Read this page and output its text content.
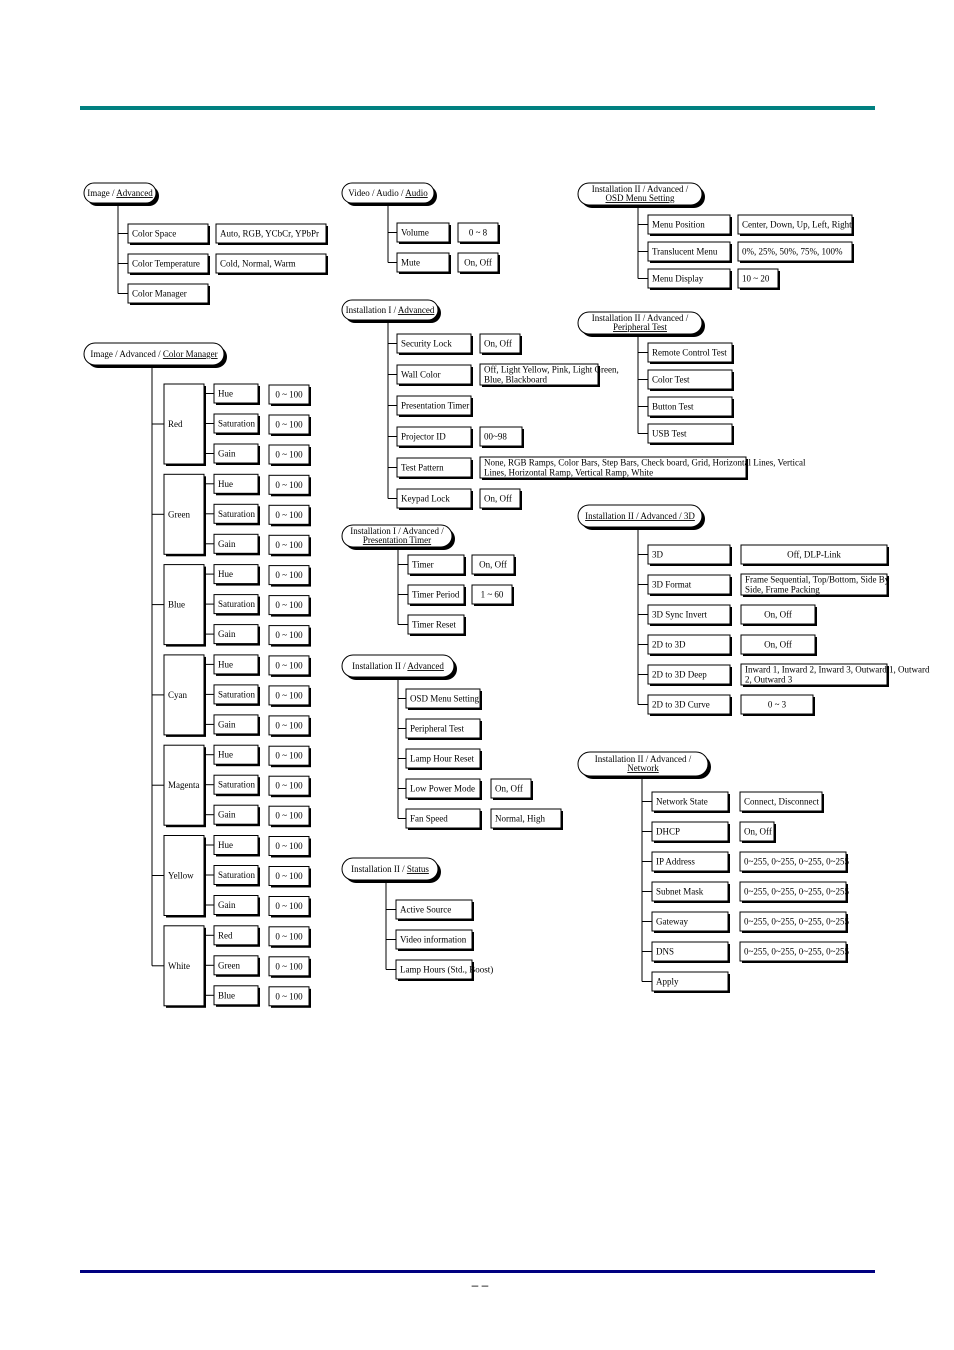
Image / Advanced
Color Space	Auto, RGB, YCbCr, YPbPr
Color Temperature Cold, Normal, Warm
Color Manager
Video / Audio / Audio
Volume	0 ~ 8
Mute	On, Off
Installation I / Advanced
Security Lock	On, Off
Wall Color	Off, Light Yellow, Pink, Light Green,
Blue, Blackboard
Presentation Timer
Projector ID	00~98
Test Pattern	None, RGB Ramps, Color Bars, Step Bars, Check board, Grid, Horizontal Lines, Vertical
Lines, Horizontal Ramp, Vertical Ramp, White
Keypad Lock	On, Off
Installation I / Advanced /
Presentation Timer
Timer	On, Off
Timer Period 1 ~ 60
Timer Reset
Installation II / Advanced
OSD Menu Setting
Peripheral Test
Lamp Hour Reset
Low Power Mode On, Off
Fan Speed	Normal, High
Installation II / Status
Active Source
Video information
Lamp Hours (Std., Boost)
Installation II / Advanced /
OSD Menu Setting
Menu Position	Center, Down, Up, Left, Right
Translucent Menu	0%, 25%, 50%, 75%, 100%
Menu Display	10 ~ 20
Installation II / Advanced /
Peripheral Test
Remote Control Test
Color Test
Button Test
USB Test
Installation II / Advanced / 3D
3D	Off, DLP-Link
3D Format	Frame Sequential, Top/Bottom, Side By
Side, Frame Packing
3D Sync Invert	On, Off
2D to 3D	On, Off
2D to 3D Deep	Inward 1, Inward 2, Inward 3, Outward 1, Outward
2, Outward 3
2D to 3D Curve	0 ~ 3
Installation II / Advanced /
Network
Network State	Connect, Disconnect
DHCP	On, Off
IP Address	0~255, 0~255, 0~255, 0~255
Subnet Mask	0~255, 0~255, 0~255, 0~255
Gateway	0~255, 0~255, 0~255, 0~255
DNS	0~255, 0~255, 0~255, 0~255
Apply
Image / Advanced / Color Manager
Red
Hue	0 ~ 100
Saturation 0 ~ 100
Gain	0 ~ 100
Green
Hue	0 ~ 100
Saturation 0 ~ 100
Gain	0 ~ 100
Blue
Hue	0 ~ 100
Saturation 0 ~ 100
Gain	0 ~ 100
Cyan
Hue	0 ~ 100
Saturation 0 ~ 100
Gain	0 ~ 100
Magenta
Hue	0 ~ 100
Saturation 0 ~ 100
Gain	0 ~ 100
Yellow
Hue	0 ~ 100
Saturation 0 ~ 100
Gain	0 ~ 100
White
Red	0 ~ 100
Green	0 ~ 100
Blue	0 ~ 100
– –
